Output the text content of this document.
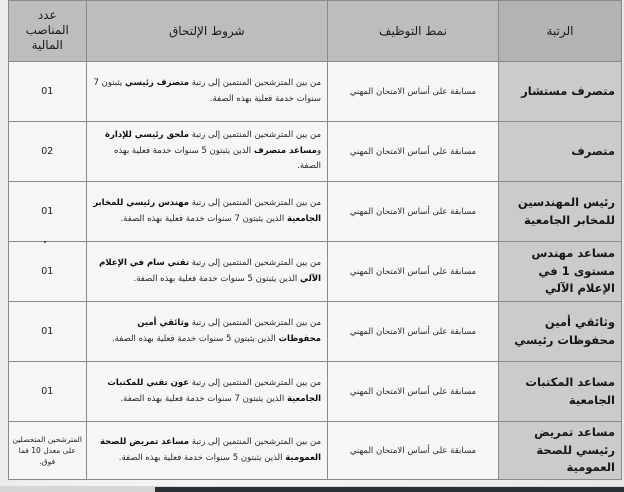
الرتبة	نمط التوظيف	شروط الإلتحاق	عدد
المناصب
المالية

متصرف مستشار	مسابقة على أساس الامتحان المهني	من بين المترشحين المنتمين إلى رتبة متصرف رئيسي يثبتون 7 سنوات خدمة فعلية بهذه الصفة.	01
متصرف	مسابقة على أساس الامتحان المهني	من بين المترشحين المنتمين إلى رتبة ملحق رئيسي للإدارة ومساعد متصرف الذين يثبتون 5 سنوات خدمة فعلية بهذه الصفة.	02
رئيس المهندسين للمخابر الجامعية	مسابقة على أساس الامتحان المهني	من بين المترشحين المنتمين إلى رتبة مهندس رئيسي للمخابر الجامعية الذين يثبتون 7 سنوات خدمة فعلية بهذه الصفة.	01
مساعد مهندس مستوى 1 في الإعلام الآلي	مسابقة على أساس الامتحان المهني	من بين المترشحين المنتمين إلى رتبة تقني سام في الإعلام الآلي الذين يثبتون 5 سنوات خدمة فعلية بهذه الصفة.	01
وثائقي أمين محفوظات رئيسي	مسابقة على أساس الامتحان المهني	من بين المترشحين المنتمين إلى رتبة وثائقي أمين محفوظات الذين يثبتون 5 سنوات خدمة فعلية بهذه الصفة.	01
مساعد المكتبات الجامعية	مسابقة على أساس الامتحان المهني	من بين المترشحين المنتمين إلى رتبة عون تقني للمكتبات الجامعية الذين يثبتون 7 سنوات خدمة فعلية بهذه الصفة.	01
مساعد تمريض رئيسي للصحة العمومية	مسابقة على أساس الامتحان المهني	من بين المترشحين المنتمين إلى رتبة مساعد تمريض للصحة العمومية الذين يثبتون 5 سنوات خدمة فعلية بهذه الصفة.	المترشحين المتحصلين على معدل 10 فما فوق.
